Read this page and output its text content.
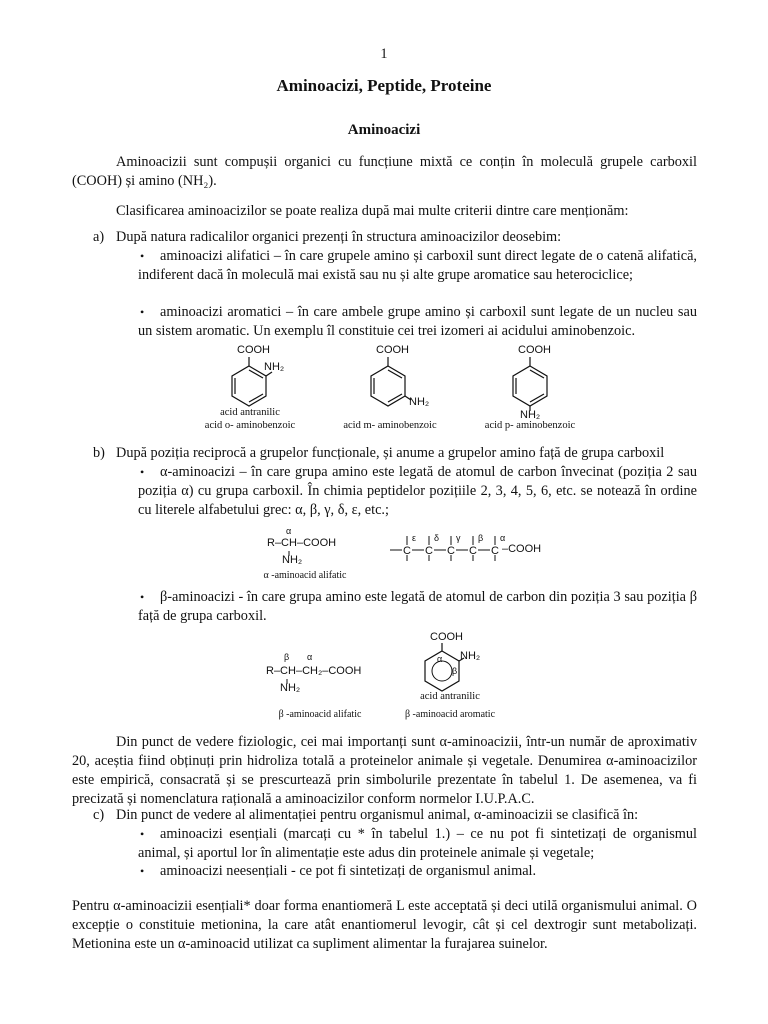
1
Aminoacizi, Peptide, Proteine
Aminoacizi
Aminoacizii sunt compușii organici cu funcțiune mixtă ce conțin în moleculă grupele carboxil (COOH) și amino (NH₂).
Clasificarea aminoacizilor se poate realiza după mai multe criterii dintre care menționăm:
a) După natura radicalilor organici prezenți în structura aminoacizilor deosebim:
•	aminoacizi alifatici – în care grupele amino și carboxil sunt direct legate de o catenă alifatică, indiferent dacă în moleculă mai există sau nu și alte grupe aromatice sau heterociclice;
•	aminoacizi aromatici – în care ambele grupe amino și carboxil sunt legate de un nucleu sau un sistem aromatic. Un exemplu îl constituie cei trei izomeri ai acidului aminobenzoic.
COOH
NH₂
COOH
NH₂
COOH
NH₂
acid antranilic
acid o- aminobenzoic	acid m- aminobenzoic	acid p- aminobenzoic
b) După poziția reciprocă a grupelor funcționale, și anume a grupelor amino față de grupa carboxil
•	α-aminoacizi – în care grupa amino este legată de atomul de carbon învecinat (poziția 2 sau poziția α) cu grupa carboxil. În chimia peptidelor pozițiile 2, 3, 4, 5, 6, etc. se notează în ordine cu literele alfabetului grec: α, β, γ, δ, ε, etc.;
α
R–CH–COOH
NH₂
α -aminoacid alifatic
C C C C C
ε δ γ β α
–COOH
•	β-aminoacizi - în care grupa amino este legată de atomul de carbon din poziția 3 sau poziția β față de grupa carboxil.
β α
R–CH–CH₂–COOH
NH₂
β -aminoacid alifatic
COOH
NH₂
α
β
acid antranilic
β -aminoacid aromatic
Din punct de vedere fiziologic, cei mai importanți sunt α-aminoacizii, într-un număr de aproximativ 20, aceștia fiind obținuți prin hidroliza totală a proteinelor animale și vegetale. Denumirea α-aminoacizilor este empirică, consacrată și se prescurtează prin simbolurile prezentate în tabelul 1. De asemenea, va fi precizată și nomenclatura rațională a aminoacizilor conform normelor I.U.P.A.C.
c) Din punct de vedere al alimentației pentru organismul animal, α-aminoacizii se clasifică în:
•	aminoacizi esențiali (marcați cu * în tabelul 1.) – ce nu pot fi sintetizați de organismul animal, și aportul lor în alimentație este adus din proteinele animale și vegetale;
•	aminoacizi neesențiali - ce pot fi sintetizați de organismul animal.
Pentru α-aminoacizii esențiali* doar forma enantiomeră L este acceptată și deci utilă organismului animal. O excepție o constituie metionina, la care atât enantiomerul levogir, cât și cel dextrogir sunt metabolizați. Metionina este un α-aminoacid utilizat ca supliment alimentar la furajarea suinelor.
